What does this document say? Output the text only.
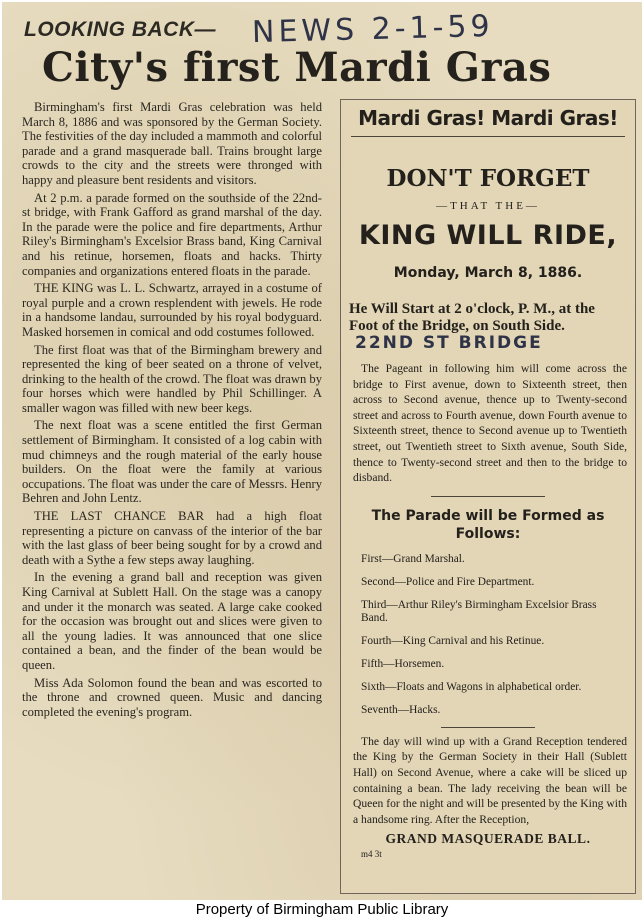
LOOKING BACK— NEWS 2-1-59
City's first Mardi Gras

Birmingham's first Mardi Gras celebration was held March 8, 1886 and was sponsored by the German Society. The festivities of the day included a mammoth and colorful parade and a grand masquerade ball. Trains brought large crowds to the city and the streets were thronged with happy and pleasure bent residents and visitors.

At 2 p.m. a parade formed on the southside of the 22nd-st bridge, with Frank Gafford as grand marshal of the day. In the parade were the police and fire departments, Arthur Riley's Birmingham's Excelsior Brass band, King Carnival and his retinue, horsemen, floats and hacks. Thirty companies and organizations entered floats in the parade.

THE KING was L. L. Schwartz, arrayed in a costume of royal purple and a crown resplendent with jewels. He rode in a handsome landau, surrounded by his royal bodyguard. Masked horsemen in comical and odd costumes followed.

The first float was that of the Birmingham brewery and represented the king of beer seated on a throne of velvet, drinking to the health of the crowd. The float was drawn by four horses which were handled by Phil Schillinger. A smaller wagon was filled with new beer kegs.

The next float was a scene entitled the first German settlement of Birmingham. It consisted of a log cabin with mud chimneys and the rough material of the early house builders. On the float were the family at various occupations. The float was under the care of Messrs. Henry Behren and John Lentz.

THE LAST CHANCE BAR had a high float representing a picture on canvass of the interior of the bar with the last glass of beer being sought for by a crowd and death with a Sythe a few steps away laughing.

In the evening a grand ball and reception was given King Carnival at Sublett Hall. On the stage was a canopy and under it the monarch was seated. A large cake cooked for the occasion was brought out and slices were given to all the young ladies. It was announced that one slice contained a bean, and the finder of the bean would be queen.

Miss Ada Solomon found the bean and was escorted to the throne and crowned queen. Music and dancing completed the evening's program.

Mardi Gras! Mardi Gras!
DON'T FORGET
—THAT THE—
KING WILL RIDE,
Monday, March 8, 1886.
He Will Start at 2 o'clock, P. M., at the Foot of the Bridge, on South Side. 22ND ST BRIDGE
The Pageant in following him will come across the bridge to First avenue, down to Sixteenth street, then across to Second avenue, thence up to Twenty-second street and across to Fourth avenue, down Fourth avenue to Sixteenth street, thence to Second avenue up to Twentieth street, out Twentieth street to Sixth avenue, South Side, thence to Twenty-second street and then to the bridge to disband.
The Parade will be Formed as Follows:
First—Grand Marshal.
Second—Police and Fire Department.
Third—Arthur Riley's Birmingham Excelsior Brass Band.
Fourth—King Carnival and his Retinue.
Fifth—Horsemen.
Sixth—Floats and Wagons in alphabetical order.
Seventh—Hacks.
The day will wind up with a Grand Reception tendered the King by the German Society in their Hall (Sublett Hall) on Second Avenue, where a cake will be sliced up containing a bean. The lady receiving the bean will be Queen for the night and will be presented by the King with a handsome ring. After the Reception,
GRAND MASQUERADE BALL.
m4 3t
Property of Birmingham Public Library
